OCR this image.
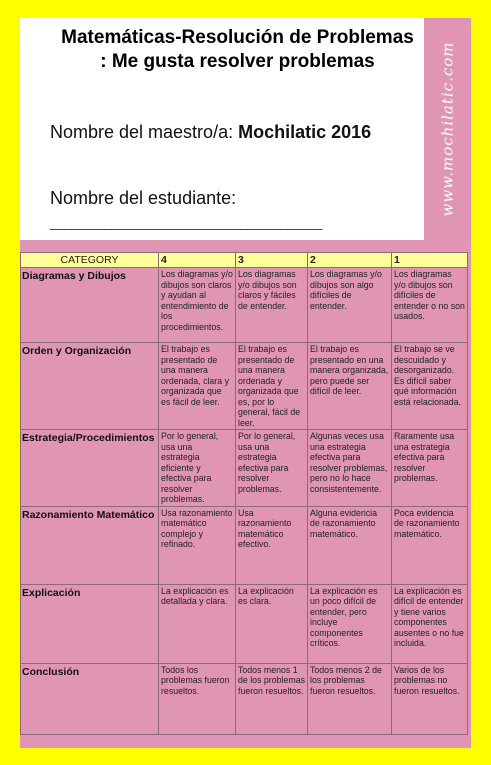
Matemáticas-Resolución de Problemas : Me gusta resolver problemas
Nombre del maestro/a: Mochilatic 2016
Nombre del estudiante:
________________________________________
www.mochilatic.com
CATEGORY	4	3	2	1
Diagramas y Dibujos	Los diagramas y/o dibujos son claros y ayudan al entendimiento de los procedimientos.	Los diagramas y/o dibujos son claros y fáciles de entender.	Los diagramas y/o dibujos son algo difíciles de entender.	Los diagramas y/o dibujos son difíciles de entender o no son usados.
Orden y Organización	El trabajo es presentado de una manera ordenada, clara y organizada que es fácil de leer.	El trabajo es presentado de una manera ordenada y organizada que es, por lo general, fácil de leer.	El trabajo es presentado en una manera organizada, pero puede ser difícil de leer.	El trabajo se ve descuidado y desorganizado. Es difícil saber qué información está relacionada.
Estrategia/Procedimientos	Por lo general, usa una estrategia eficiente y efectiva para resolver problemas.	Por lo general, usa una estrategia efectiva para resolver problemas.	Algunas veces usa una estrategia efectiva para resolver problemas, pero no lo hace consistentemente.	Raramente usa una estrategia efectiva para resolver problemas.
Razonamiento Matemático	Usa razonamiento matemático complejo y refinado.	Usa razonamiento matemático efectivo.	Alguna evidencia de razonamiento matemático.	Poca evidencia de razonamiento matemático.
Explicación	La explicación es detallada y clara.	La explicación es clara.	La explicación es un poco difícil de entender, pero incluye componentes críticos.	La explicación es difícil de entender y tiene varios componentes ausentes o no fue incluida.
Conclusión	Todos los problemas fueron resueltos.	Todos menos 1 de los problemas fueron resueltos.	Todos menos 2 de los problemas fueron resueltos.	Varios de los problemas no fueron resueltos.
